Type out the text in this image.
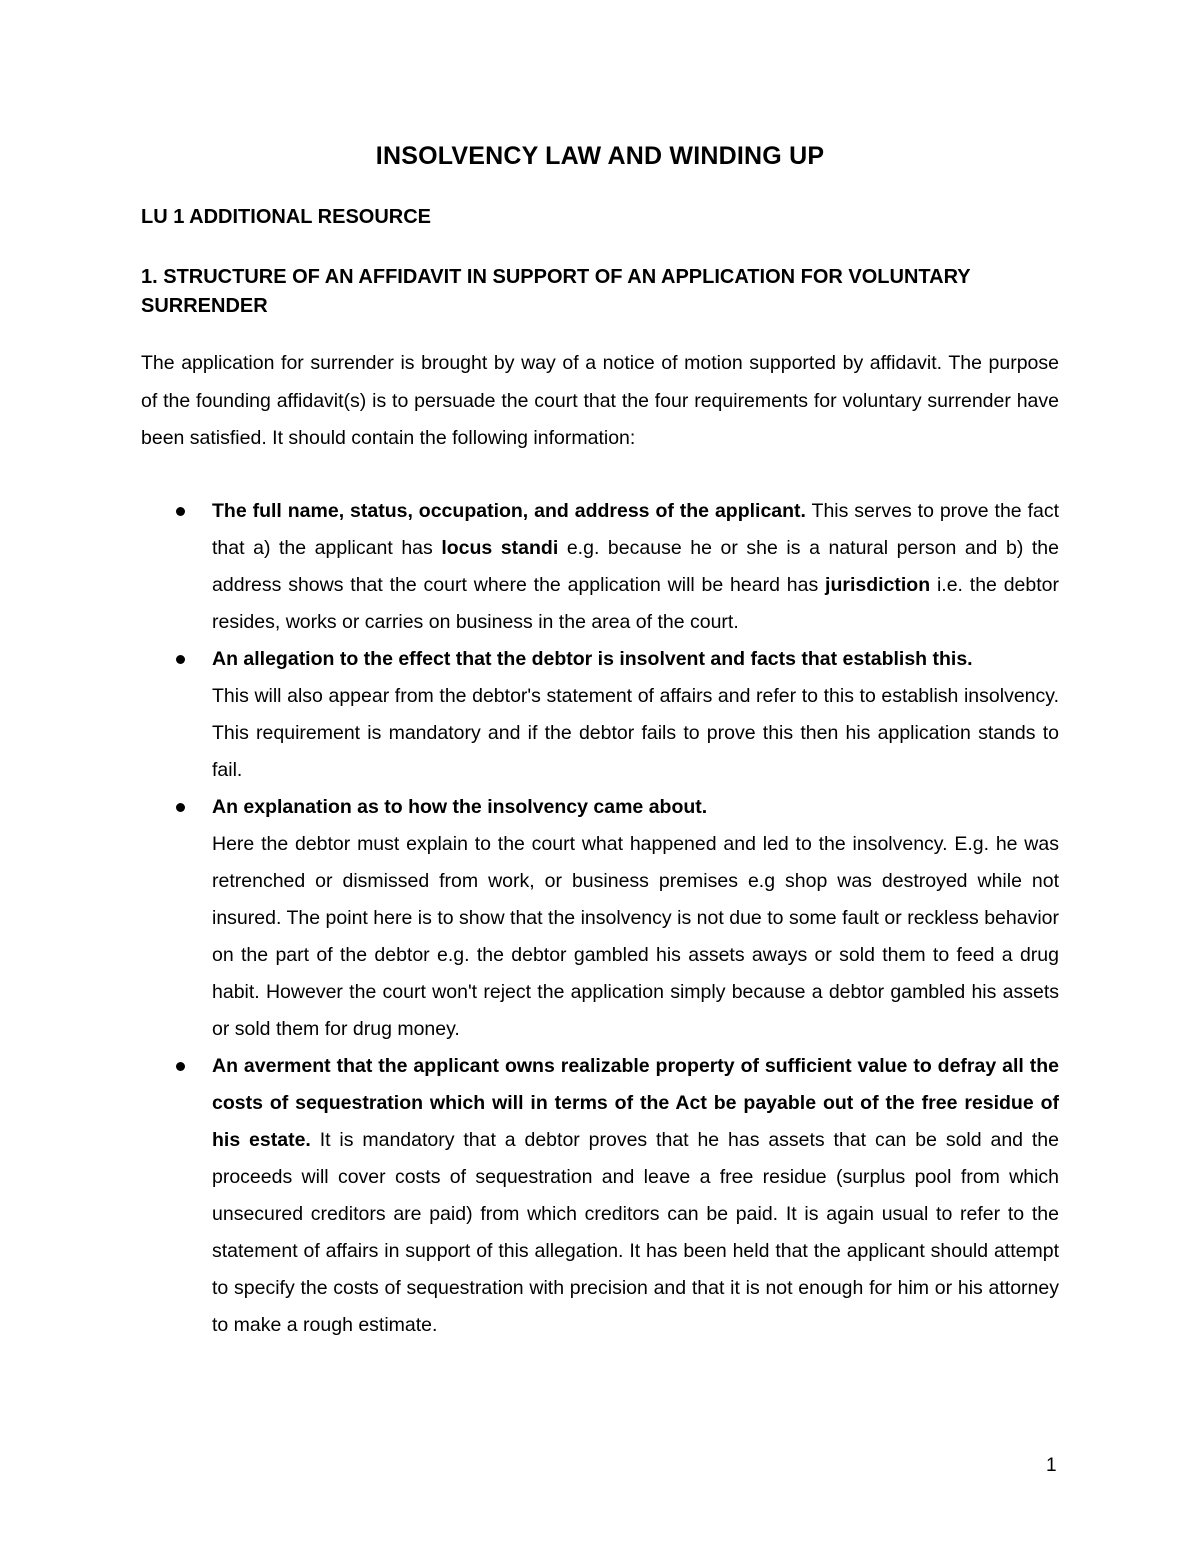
INSOLVENCY LAW AND WINDING UP
LU 1 ADDITIONAL RESOURCE
1. STRUCTURE OF AN AFFIDAVIT IN SUPPORT OF AN APPLICATION FOR VOLUNTARY SURRENDER
The application for surrender is brought by way of a notice of motion supported by affidavit. The purpose of the founding affidavit(s) is to persuade the court that the four requirements for voluntary surrender have been satisfied. It should contain the following information:
The full name, status, occupation, and address of the applicant. This serves to prove the fact that a) the applicant has locus standi e.g. because he or she is a natural person and b) the address shows that the court where the application will be heard has jurisdiction i.e. the debtor resides, works or carries on business in the area of the court.
An allegation to the effect that the debtor is insolvent and facts that establish this.
This will also appear from the debtor's statement of affairs and refer to this to establish insolvency. This requirement is mandatory and if the debtor fails to prove this then his application stands to fail.
An explanation as to how the insolvency came about.
Here the debtor must explain to the court what happened and led to the insolvency. E.g. he was retrenched or dismissed from work, or business premises e.g shop was destroyed while not insured. The point here is to show that the insolvency is not due to some fault or reckless behavior on the part of the debtor e.g. the debtor gambled his assets aways or sold them to feed a drug habit. However the court won't reject the application simply because a debtor gambled his assets or sold them for drug money.
An averment that the applicant owns realizable property of sufficient value to defray all the costs of sequestration which will in terms of the Act be payable out of the free residue of his estate. It is mandatory that a debtor proves that he has assets that can be sold and the proceeds will cover costs of sequestration and leave a free residue (surplus pool from which unsecured creditors are paid) from which creditors can be paid. It is again usual to refer to the statement of affairs in support of this allegation. It has been held that the applicant should attempt to specify the costs of sequestration with precision and that it is not enough for him or his attorney to make a rough estimate.
1
